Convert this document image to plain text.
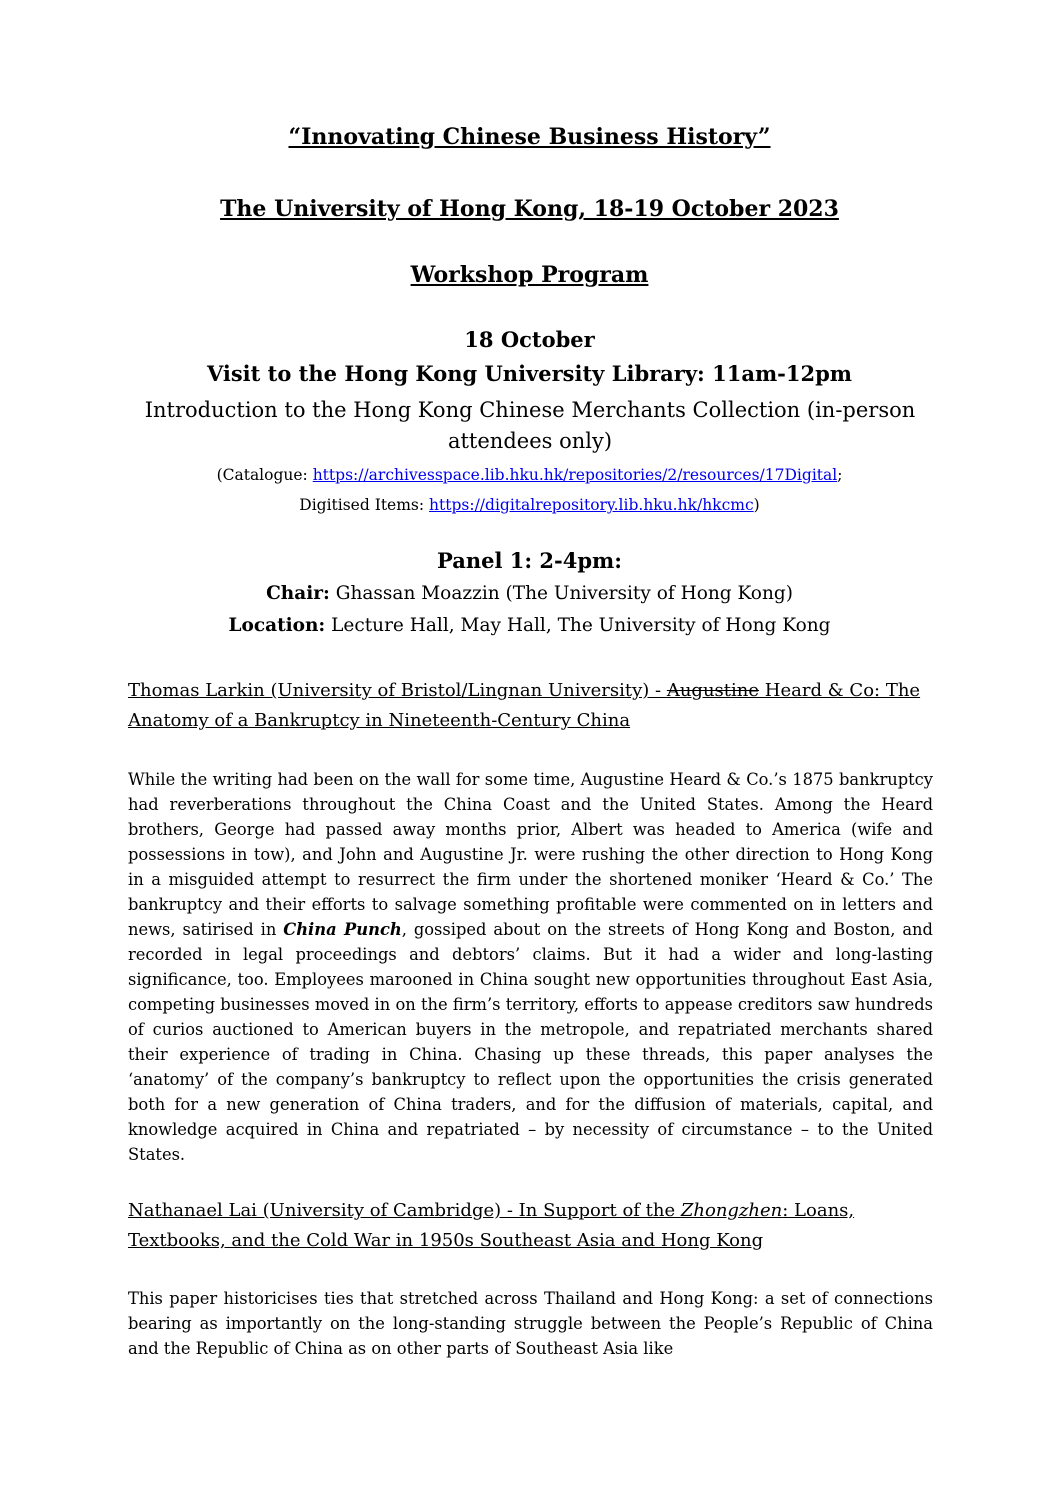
“Innovating Chinese Business History”
The University of Hong Kong, 18-19 October 2023
Workshop Program
18 October
Visit to the Hong Kong University Library: 11am-12pm
Introduction to the Hong Kong Chinese Merchants Collection (in-person attendees only)
(Catalogue: https://archivesspace.lib.hku.hk/repositories/2/resources/17Digital;
Digitised Items: https://digitalrepository.lib.hku.hk/hkcmc)
Panel 1: 2-4pm:
Chair: Ghassan Moazzin (The University of Hong Kong)
Location: Lecture Hall, May Hall, The University of Hong Kong
Thomas Larkin (University of Bristol/Lingnan University) - Augustine Heard & Co: The Anatomy of a Bankruptcy in Nineteenth-Century China
While the writing had been on the wall for some time, Augustine Heard & Co.’s 1875 bankruptcy had reverberations throughout the China Coast and the United States. Among the Heard brothers, George had passed away months prior, Albert was headed to America (wife and possessions in tow), and John and Augustine Jr. were rushing the other direction to Hong Kong in a misguided attempt to resurrect the firm under the shortened moniker ‘Heard & Co.’ The bankruptcy and their efforts to salvage something profitable were commented on in letters and news, satirised in China Punch, gossiped about on the streets of Hong Kong and Boston, and recorded in legal proceedings and debtors’ claims. But it had a wider and long-lasting significance, too. Employees marooned in China sought new opportunities throughout East Asia, competing businesses moved in on the firm’s territory, efforts to appease creditors saw hundreds of curios auctioned to American buyers in the metropole, and repatriated merchants shared their experience of trading in China. Chasing up these threads, this paper analyses the ‘anatomy’ of the company’s bankruptcy to reflect upon the opportunities the crisis generated both for a new generation of China traders, and for the diffusion of materials, capital, and knowledge acquired in China and repatriated – by necessity of circumstance – to the United States.
Nathanael Lai (University of Cambridge) - In Support of the Zhongzhen: Loans, Textbooks, and the Cold War in 1950s Southeast Asia and Hong Kong
This paper historicises ties that stretched across Thailand and Hong Kong: a set of connections bearing as importantly on the long-standing struggle between the People’s Republic of China and the Republic of China as on other parts of Southeast Asia like
